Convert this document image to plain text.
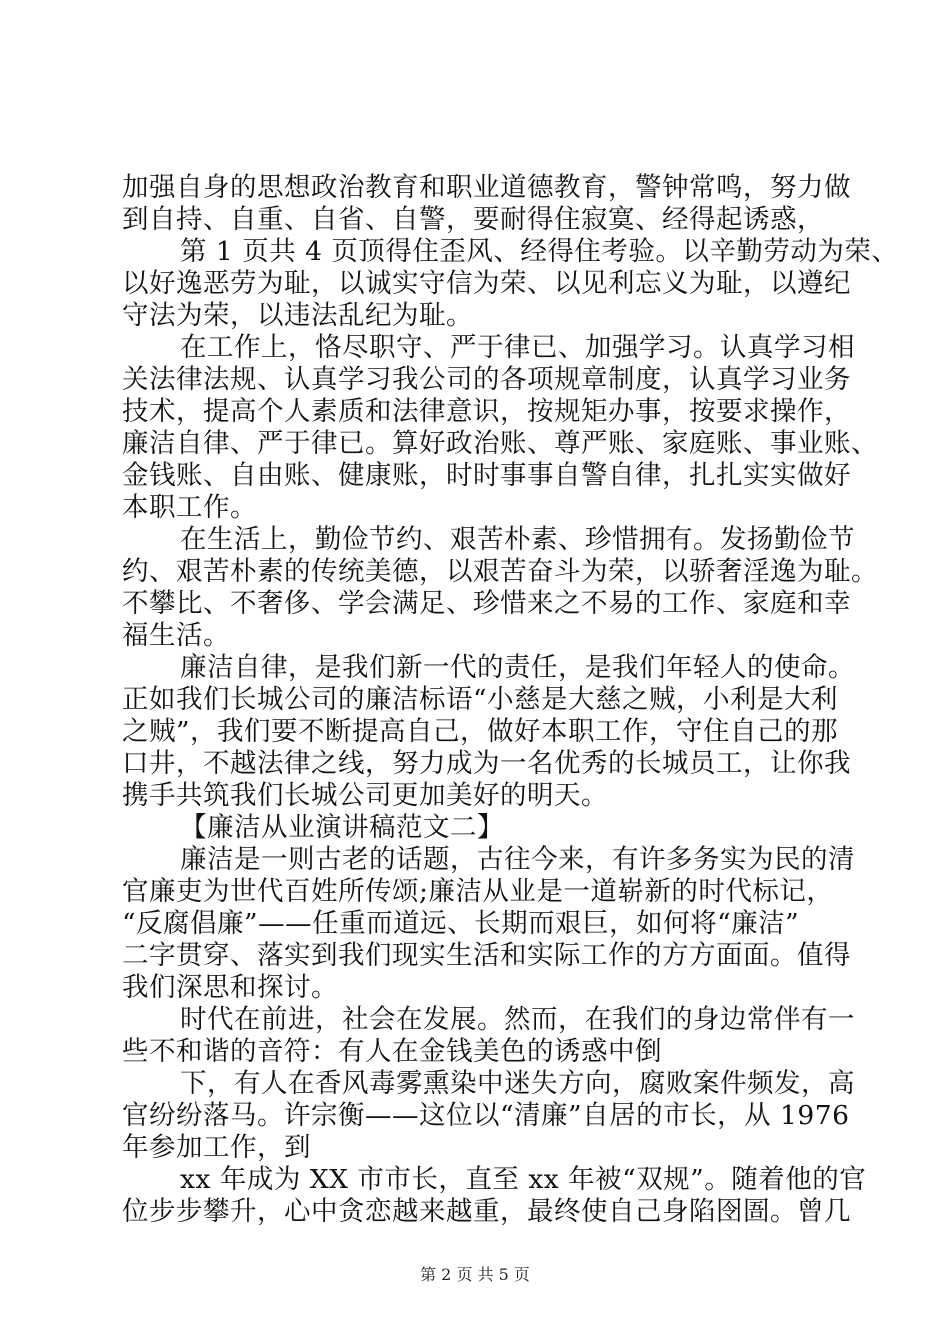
加强自身的思想政治教育和职业道德教育，警钟常鸣，努力做
到自持、自重、自省、自警，要耐得住寂寞、经得起诱惑，
第 1 页共 4 页顶得住歪风、经得住考验。以辛勤劳动为荣、
以好逸恶劳为耻，以诚实守信为荣、以见利忘义为耻，以遵纪
守法为荣，以违法乱纪为耻。
在工作上，恪尽职守、严于律已、加强学习。认真学习相
关法律法规、认真学习我公司的各项规章制度，认真学习业务
技术，提高个人素质和法律意识，按规矩办事，按要求操作，
廉洁自律、严于律已。算好政治账、尊严账、家庭账、事业账、
金钱账、自由账、健康账，时时事事自警自律，扎扎实实做好
本职工作。
在生活上，勤俭节约、艰苦朴素、珍惜拥有。发扬勤俭节
约、艰苦朴素的传统美德，以艰苦奋斗为荣，以骄奢淫逸为耻。
不攀比、不奢侈、学会满足、珍惜来之不易的工作、家庭和幸
福生活。
廉洁自律，是我们新一代的责任，是我们年轻人的使命。
正如我们长城公司的廉洁标语“小慈是大慈之贼，小利是大利
之贼”，我们要不断提高自己，做好本职工作，守住自己的那
口井，不越法律之线，努力成为一名优秀的长城员工，让你我
携手共筑我们长城公司更加美好的明天。
【廉洁从业演讲稿范文二】
廉洁是一则古老的话题，古往今来，有许多务实为民的清
官廉吏为世代百姓所传颂;廉洁从业是一道崭新的时代标记，
“反腐倡廉”——任重而道远、长期而艰巨，如何将“廉洁”
二字贯穿、落实到我们现实生活和实际工作的方方面面。值得
我们深思和探讨。
时代在前进，社会在发展。然而，在我们的身边常伴有一
些不和谐的音符：有人在金钱美色的诱惑中倒
下，有人在香风毒雾熏染中迷失方向，腐败案件频发，高
官纷纷落马。许宗衡——这位以“清廉”自居的市长，从 1976
年参加工作，到
xx 年成为 XX 市市长，直至 xx 年被“双规”。随着他的官
位步步攀升，心中贪恋越来越重，最终使自己身陷囹圄。曾几
第 2 页 共 5 页
